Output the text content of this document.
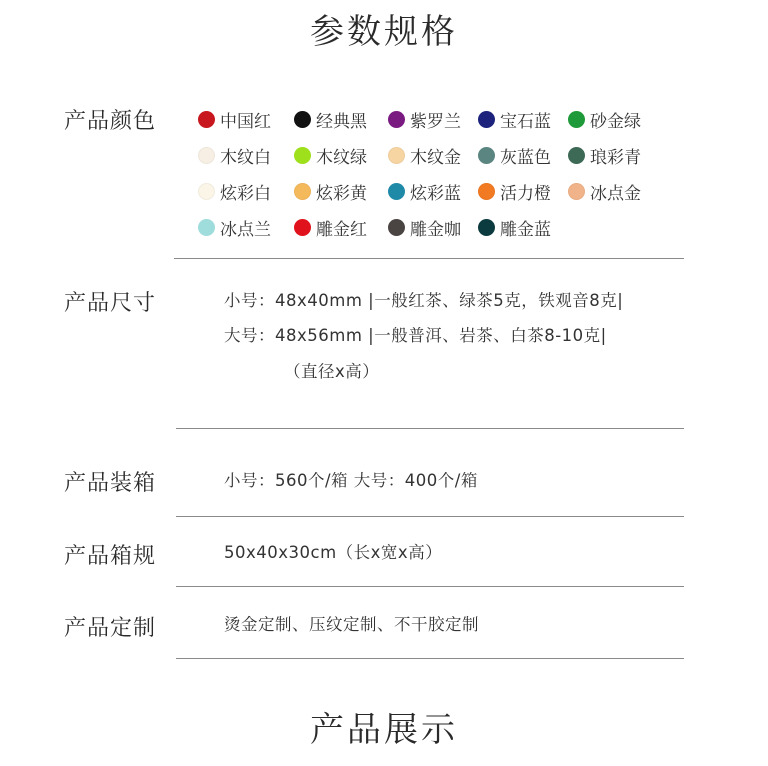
参数规格
产品颜色	中国红	经典黑	紫罗兰 宝石蓝 砂金绿
木纹白	木纹绿	木纹金 灰蓝色 琅彩青
炫彩白	炫彩黄	炫彩蓝 活力橙 冰点金
冰点兰	雕金红	雕金咖 雕金蓝
产品尺寸	小号：48x40mm |一般红茶、绿茶5克，铁观音8克|
大号：48x56mm |一般普洱、岩茶、白茶8-10克|
（直径x高）
产品装箱	小号：560个/箱 大号：400个/箱
产品箱规	50x40x30cm（长x宽x高）
产品定制	烫金定制、压纹定制、不干胶定制
产品展示
